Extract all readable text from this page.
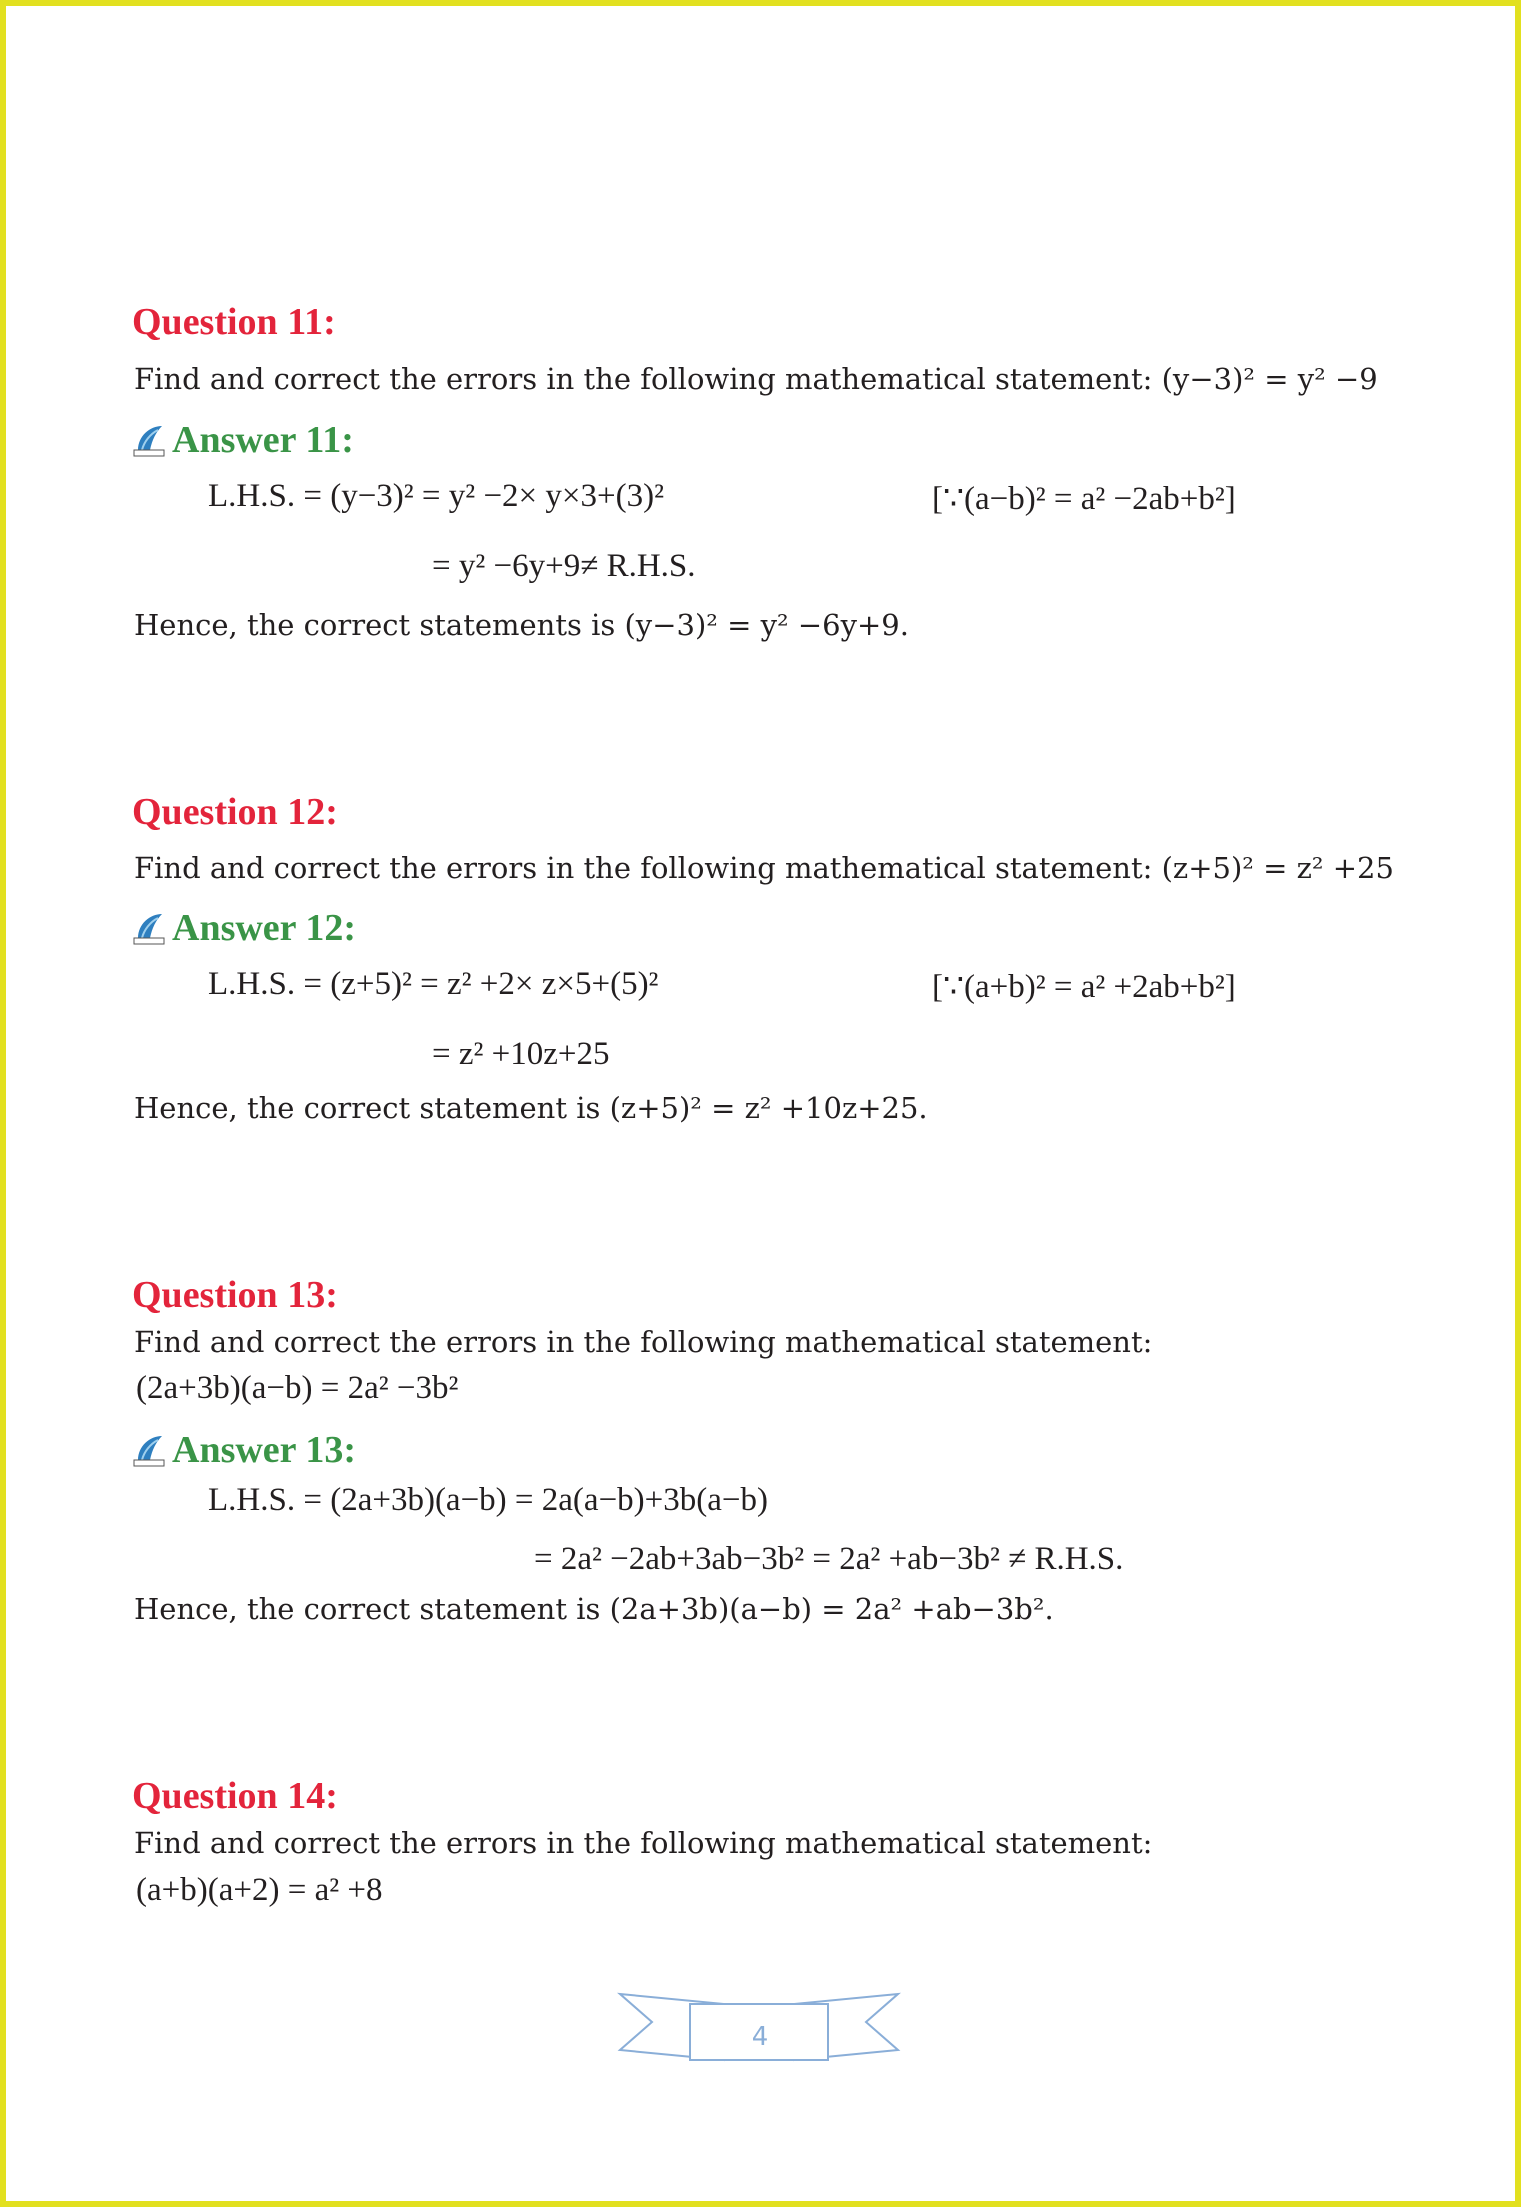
Question 11:
Find and correct the errors in the following mathematical statement: (y−3)² = y² −9
Answer 11:
L.H.S. = (y−3)² = y² −2× y×3+(3)²	[∵(a−b)² = a² −2ab+b²]
= y² −6y+9≠ R.H.S.
Hence, the correct statements is (y−3)² = y² −6y+9.
Question 12:
Find and correct the errors in the following mathematical statement: (z+5)² = z² +25
Answer 12:
L.H.S. = (z+5)² = z² +2× z×5+(5)²	[∵(a+b)² = a² +2ab+b²]
= z² +10z+25
Hence, the correct statement is (z+5)² = z² +10z+25.
Question 13:
Find and correct the errors in the following mathematical statement:
(2a+3b)(a−b) = 2a² −3b²
Answer 13:
L.H.S. = (2a+3b)(a−b) = 2a(a−b)+3b(a−b)
= 2a² −2ab+3ab−3b² = 2a² +ab−3b² ≠ R.H.S.
Hence, the correct statement is (2a+3b)(a−b) = 2a² +ab−3b².
Question 14:
Find and correct the errors in the following mathematical statement:
(a+b)(a+2) = a² +8
4
